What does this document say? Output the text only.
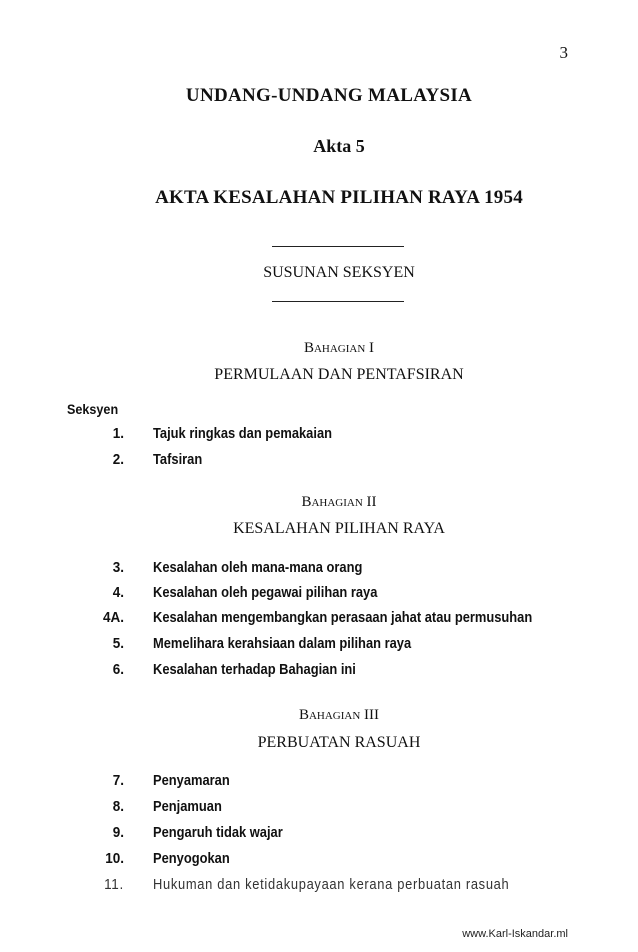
3
UNDANG-UNDANG MALAYSIA
Akta 5
AKTA KESALAHAN PILIHAN RAYA 1954
SUSUNAN SEKSYEN
Bahagian I
PERMULAAN DAN PENTAFSIRAN
Seksyen
1. Tajuk ringkas dan pemakaian
2. Tafsiran
Bahagian II
KESALAHAN PILIHAN RAYA
3. Kesalahan oleh mana-mana orang
4. Kesalahan oleh pegawai pilihan raya
4A. Kesalahan mengembangkan perasaan jahat atau permusuhan
5. Memelihara kerahsiaan dalam pilihan raya
6. Kesalahan terhadap Bahagian ini
Bahagian III
PERBUATAN RASUAH
7. Penyamaran
8. Penjamuan
9. Pengaruh tidak wajar
10. Penyogokan
11. Hukuman dan ketidakupayaan kerana perbuatan rasuah
www.Karl-Iskandar.ml
